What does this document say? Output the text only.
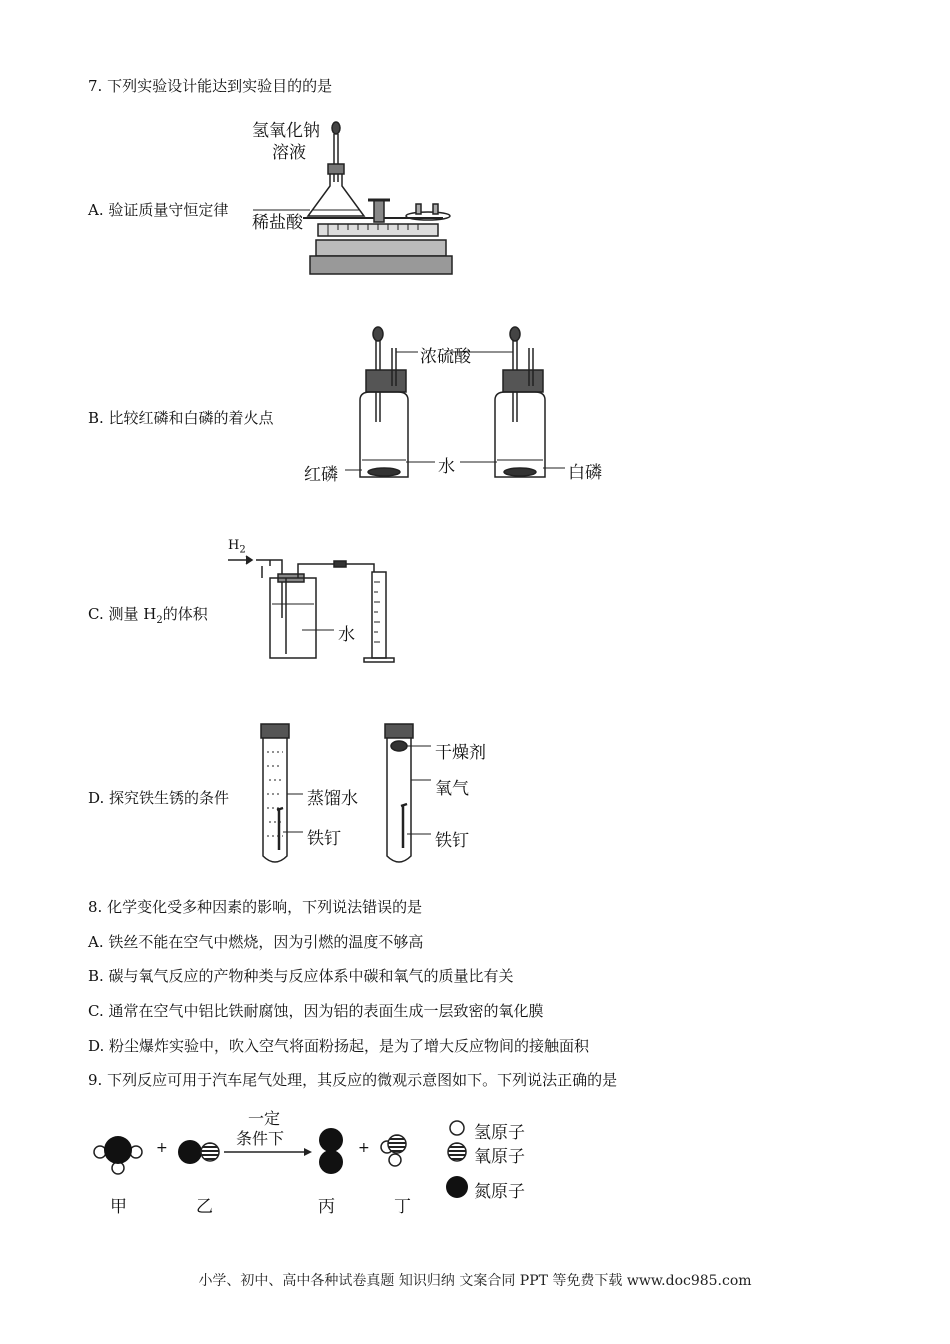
7. 下列实验设计能达到实验目的的是
A. 验证质量守恒定律
氢氧化钠
溶液
稀盐酸
B. 比较红磷和白磷的着火点
浓硫酸
红磷	水	白磷
C. 测量 $H_2$的体积
$H_2$
水
D. 探究铁生锈的条件	蒸馏水
铁钉
干燥剂
氧气
铁钉
8. 化学变化受多种因素的影响，下列说法错误的是
A. 铁丝不能在空气中燃烧，因为引燃的温度不够高
B. 碳与氧气反应的产物种类与反应体系中碳和氧气的质量比有关
C. 通常在空气中铝比铁耐腐蚀，因为铝的表面生成一层致密的氧化膜
D. 粉尘爆炸实验中，吹入空气将面粉扬起，是为了增大反应物间的接触面积
9. 下列反应可用于汽车尾气处理，其反应的微观示意图如下。下列说法正确的是
+	+
一定
条件下
甲	乙	丙	丁
氢原子
氧原子
氮原子
小学、初中、高中各种试卷真题 知识归纳 文案合同 PPT 等免费下载 www.doc985.com
